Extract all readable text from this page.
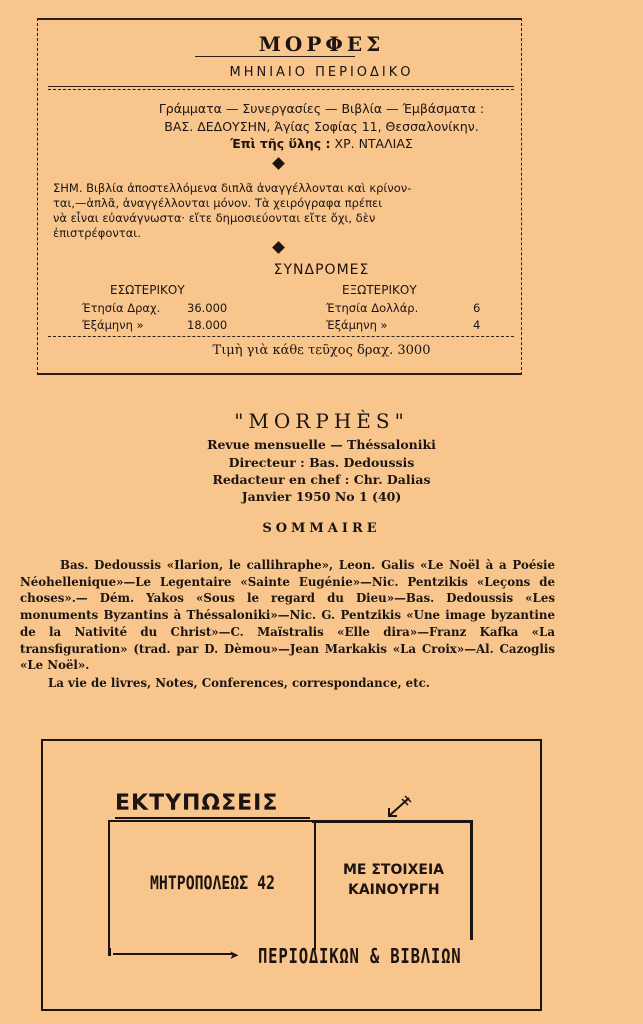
ΜΟΡΦΕΣ
ΜΗΝΙΑΙΟ ΠΕΡΙΟΔΙΚΟ
Γράμματα — Συνεργασίες — Βιβλία — Έμβάσματα :
ΒΑΣ. ΔΕΔΟΥΣΗΝ, Άγίας Σοφίας 11, Θεσσαλονίκην.
Έπὶ τῆς ὕλης : ΧΡ. ΝΤΑΛΙΑΣ

ΣΗΜ. Βιβλία ἀποστελλόμενα διπλᾶ ἀναγγέλλονται καὶ κρίνον-

ται,—ἁπλᾶ, ἀναγγέλλονται μόνον. Τὰ χειρόγραφα πρέπει

νὰ εἶναι εὐανάγνωστα· εἴτε δημοσιεύονται εἴτε ὄχι, δὲν

ἐπιστρέφονται.

ΣΥΝΔΡΟΜΕΣ
ΕΣΩΤΕΡΙΚΟΥ	ΕΞΩΤΕΡΙΚΟΥ
Έτησία Δραχ. 36.000	Έτησία Δολλάρ.	6
Έξάμηνη »	18.000	Έξάμηνη »	4
Τιμὴ γιὰ κάθε τεῦχος δραχ. 3000
"MORPHÈS"
Revue mensuelle — Théssaloniki
Directeur : Bas. Dedoussis
Redacteur en chef : Chr. Dalias
Janvier 1950 No 1 (40)
SOMMAIRE

Bas. Dedoussis «Ilarion, le callihraphe», Leon. Galis «Le Noël à a Poésie Néohellenique»—Le Legentaire «Sainte Eugénie»—Nic. Pentzikis «Leçons de choses».— Dém. Yakos «Sous le regard du Dieu»—Bas. Dedoussis «Les monuments Byzantins à Théssaloniki»—Nic. G. Pentzikis «Une image byzantine de la Nativité du Christ»—C. Maïstralis «Elle dira»—Franz Kafka «La transfiguration» (trad. par D. Dèmou»—Jean Markakis «La Croix»—Al. Cazoglis «Le Noël».

La vie de livres, Notes, Conferences, correspondance, etc.

ΕΚΤΥΠΩΣΕΙΣ
ΜΗΤΡΟΠΟΛΕΩΣ 42
ΜΕ ΣΤΟΙΧΕΙΑ
ΚΑΙΝΟΥΡΓΗ
➤ ΠΕΡΙΟΔΙΚΩΝ & ΒΙΒΛΙΩΝ
